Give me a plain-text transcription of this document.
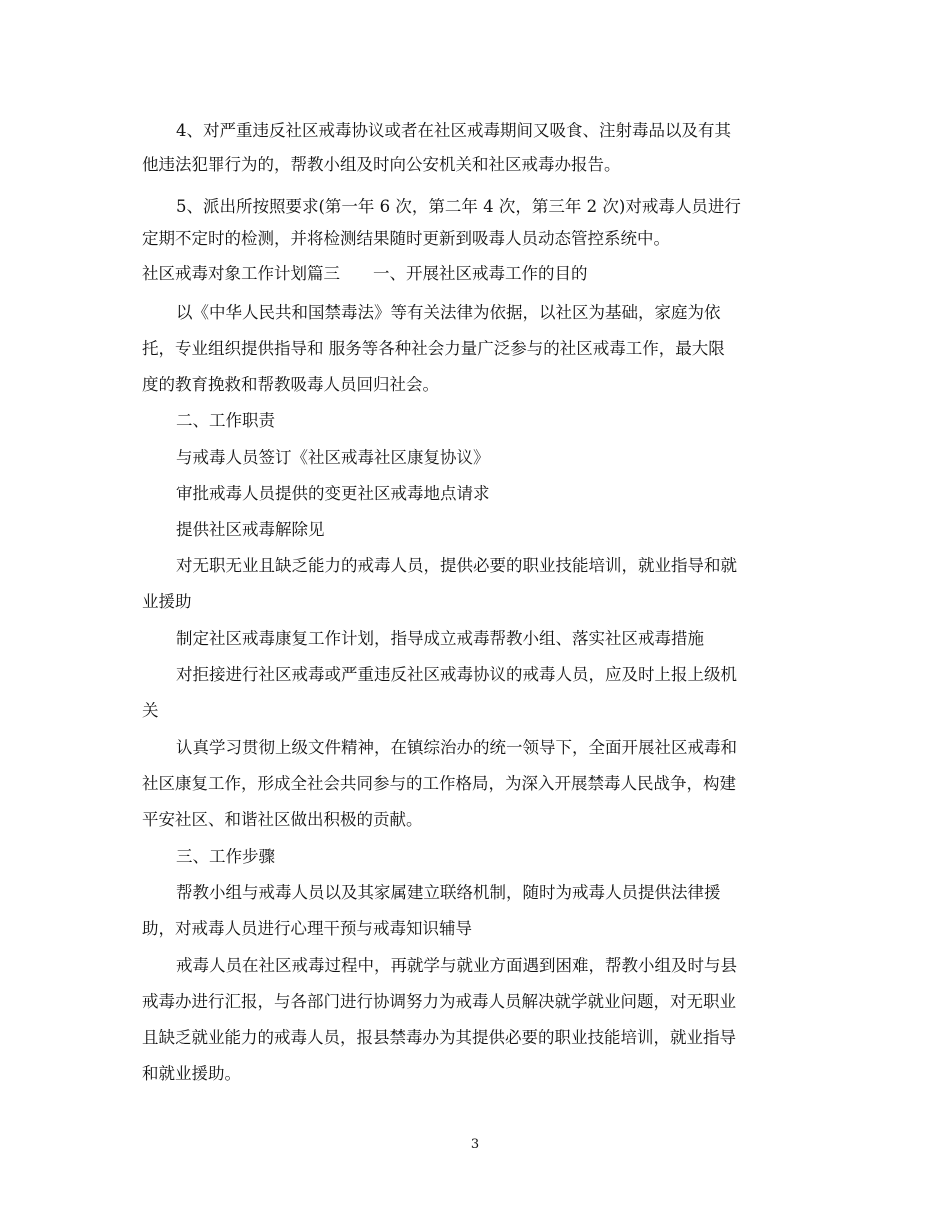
4、对严重违反社区戒毒协议或者在社区戒毒期间又吸食、注射毒品以及有其
他违法犯罪行为的，帮教小组及时向公安机关和社区戒毒办报告。
5、派出所按照要求(第一年 6 次，第二年 4 次，第三年 2 次)对戒毒人员进行
定期不定时的检测，并将检测结果随时更新到吸毒人员动态管控系统中。
社区戒毒对象工作计划篇三　　一、开展社区戒毒工作的目的
以《中华人民共和国禁毒法》等有关法律为依据，以社区为基础，家庭为依
托，专业组织提供指导和 服务等各种社会力量广泛参与的社区戒毒工作，最大限
度的教育挽救和帮教吸毒人员回归社会。
二、工作职责
与戒毒人员签订《社区戒毒社区康复协议》
审批戒毒人员提供的变更社区戒毒地点请求
提供社区戒毒解除见
对无职无业且缺乏能力的戒毒人员，提供必要的职业技能培训，就业指导和就
业援助
制定社区戒毒康复工作计划，指导成立戒毒帮教小组、落实社区戒毒措施
对拒接进行社区戒毒或严重违反社区戒毒协议的戒毒人员，应及时上报上级机
关
认真学习贯彻上级文件精神，在镇综治办的统一领导下，全面开展社区戒毒和
社区康复工作，形成全社会共同参与的工作格局，为深入开展禁毒人民战争，构建
平安社区、和谐社区做出积极的贡献。
三、工作步骤
帮教小组与戒毒人员以及其家属建立联络机制，随时为戒毒人员提供法律援
助，对戒毒人员进行心理干预与戒毒知识辅导
戒毒人员在社区戒毒过程中，再就学与就业方面遇到困难，帮教小组及时与县
戒毒办进行汇报，与各部门进行协调努力为戒毒人员解决就学就业问题，对无职业
且缺乏就业能力的戒毒人员，报县禁毒办为其提供必要的职业技能培训，就业指导
和就业援助。
3
